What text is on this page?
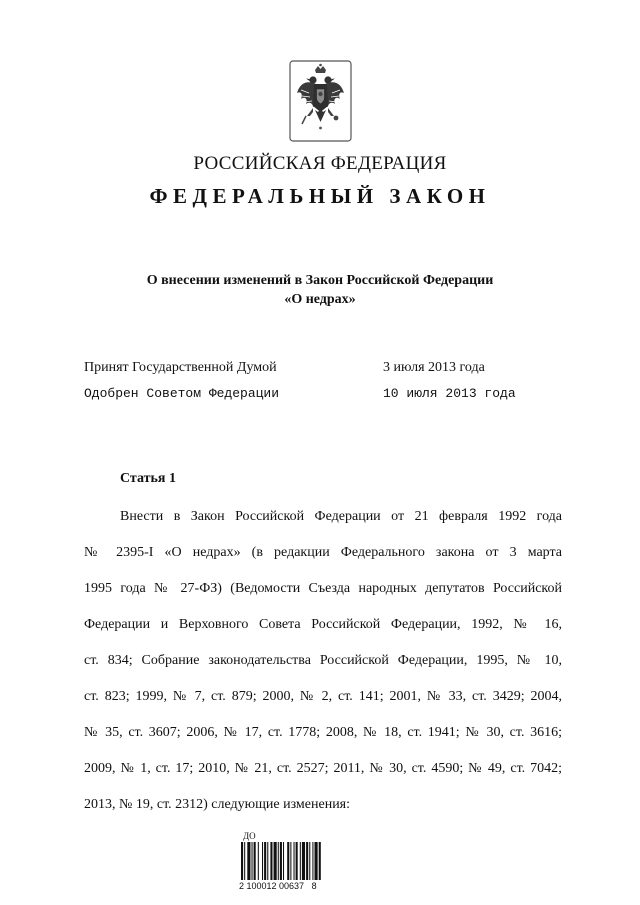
РОССИЙСКАЯ ФЕДЕРАЦИЯ
ФЕДЕРАЛЬНЫЙ ЗАКОН
О внесении изменений в Закон Российской Федерации
«О недрах»
Принят Государственной Думой	3 июля 2013 года
Одобрен Советом Федерации	10 июля 2013 года
Статья 1
Внести в Закон Российской Федерации от 21 февраля 1992 года
№ 2395-I «О недрах» (в редакции Федерального закона от 3 марта
1995 года № 27-ФЗ) (Ведомости Съезда народных депутатов Российской
Федерации и Верховного Совета Российской Федерации, 1992, № 16,
ст. 834; Собрание законодательства Российской Федерации, 1995, № 10,
ст. 823; 1999, № 7, ст. 879; 2000, № 2, ст. 141; 2001, № 33, ст. 3429; 2004,
№ 35, ст. 3607; 2006, № 17, ст. 1778; 2008, № 18, ст. 1941; № 30, ст. 3616;
2009, № 1, ст. 17; 2010, № 21, ст. 2527; 2011, № 30, ст. 4590; № 49, ст. 7042;
2013, № 19, ст. 2312) следующие изменения:
ДО
2 100012 00637   8
